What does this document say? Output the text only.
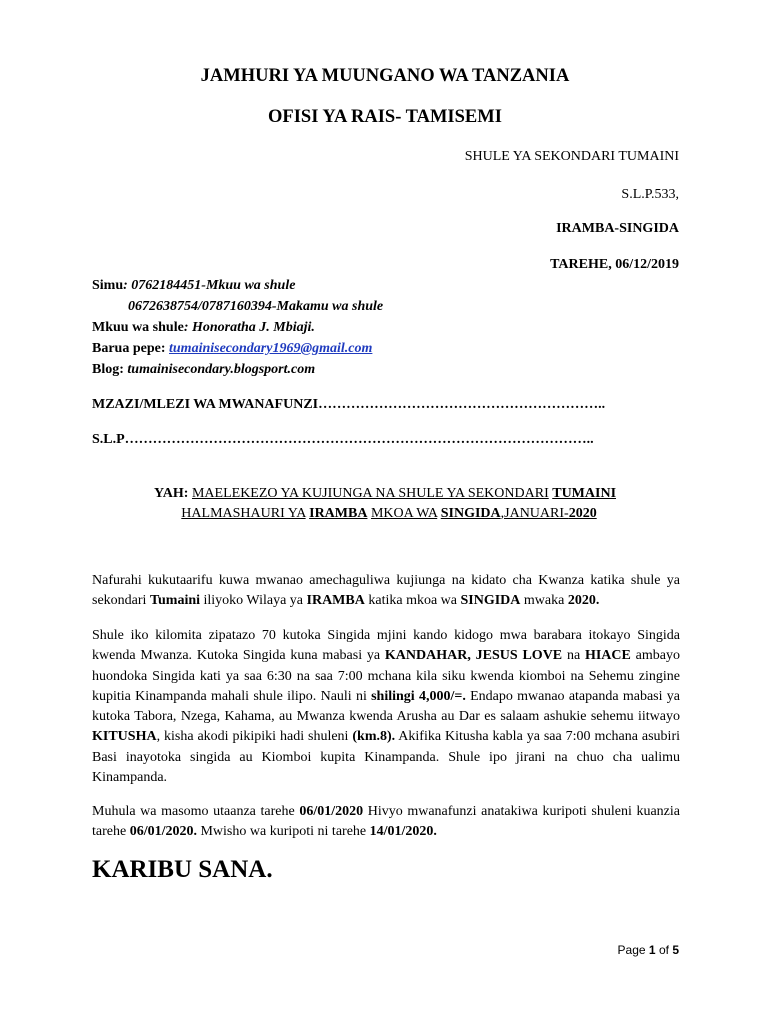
JAMHURI YA MUUNGANO WA TANZANIA
OFISI YA RAIS- TAMISEMI
SHULE YA SEKONDARI TUMAINI
S.L.P.533,
IRAMBA-SINGIDA
TAREHE, 06/12/2019
Simu: 0762184451-Mkuu wa shule
0672638754/0787160394-Makamu wa shule
Mkuu wa shule: Honoratha J. Mbiaji.
Barua pepe: tumainisecondary1969@gmail.com
Blog: tumainisecondary.blogsport.com
MZAZI/MLEZI WA MWANAFUNZI……………………………………………………..
S.L.P………………………………………………………………………………………..
YAH: MAELEKEZO YA KUJIUNGA NA SHULE YA SEKONDARI TUMAINI
HALMASHAURI YA IRAMBA MKOA WA SINGIDA,JANUARI-2020
Nafurahi kukutaarifu kuwa mwanao amechaguliwa kujiunga na kidato cha Kwanza katika shule ya sekondari Tumaini iliyoko Wilaya ya IRAMBA katika mkoa wa SINGIDA mwaka 2020.
Shule iko kilomita zipatazo 70 kutoka Singida mjini kando kidogo mwa barabara itokayo Singida kwenda Mwanza. Kutoka Singida kuna mabasi ya KANDAHAR, JESUS LOVE na HIACE ambayo huondoka Singida kati ya saa 6:30 na saa 7:00 mchana kila siku kwenda kiomboi na Sehemu zingine kupitia Kinampanda mahali shule ilipo. Nauli ni shilingi 4,000/=. Endapo mwanao atapanda mabasi ya kutoka Tabora, Nzega, Kahama, au Mwanza kwenda Arusha au Dar es salaam ashukie sehemu iitwayo KITUSHA, kisha akodi pikipiki hadi shuleni (km.8). Akifika Kitusha kabla ya saa 7:00 mchana asubiri Basi inayotoka singida au Kiomboi kupita Kinampanda. Shule ipo jirani na chuo cha ualimu Kinampanda.
Muhula wa masomo utaanza tarehe 06/01/2020 Hivyo mwanafunzi anatakiwa kuripoti shuleni kuanzia tarehe 06/01/2020. Mwisho wa kuripoti ni tarehe 14/01/2020.
KARIBU SANA.
Page 1 of 5
